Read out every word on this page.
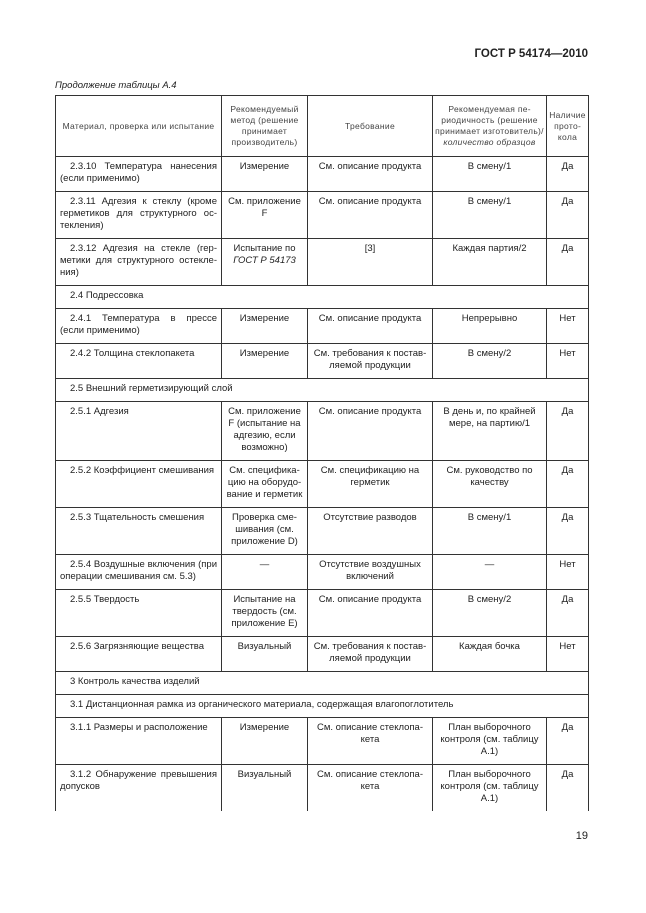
ГОСТ Р 54174—2010
Продолжение таблицы А.4
Материал, проверка или испытание	Рекомендуемый метод (решение принимает производитель)	Требование	Рекомендуемая периодичность (решение принимает изготовитель)/количество образцов	Наличие протокола
2.3.10 Температура нанесения (если применимо)	Измерение	См. описание продукта	В смену/1	Да
2.3.11 Адгезия к стеклу (кроме герметиков для структурного остекления)	См. приложение F	См. описание продукта	В смену/1	Да
2.3.12 Адгезия на стекле (герметики для структурного остекления)	Испытание по ГОСТ Р 54173	[3]	Каждая партия/2	Да
2.4 Подрессовка				
2.4.1 Температура в прессе (если применимо)	Измерение	См. описание продукта	Непрерывно	Нет
2.4.2 Толщина стеклопакета	Измерение	См. требования к поставляемой продукции	В смену/2	Нет
2.5 Внешний герметизирующий слой				
2.5.1 Адгезия	См. приложение F (испытание на адгезию, если возможно)	См. описание продукта	В день и, по крайней мере, на партию/1	Да
2.5.2 Коэффициент смешивания	См. спецификацию на оборудование и герметик	См. спецификацию на герметик	См. руководство по качеству	Да
2.5.3 Тщательность смешения	Проверка смешивания (см. приложение D)	Отсутствие разводов	В смену/1	Да
2.5.4 Воздушные включения (при операции смешивания см. 5.3)	—	Отсутствие воздушных включений	—	Нет
2.5.5 Твердость	Испытание на твердость (см. приложение E)	См. описание продукта	В смену/2	Да
2.5.6 Загрязняющие вещества	Визуальный	См. требования к поставляемой продукции	Каждая бочка	Нет
3 Контроль качества изделий				
3.1 Дистанционная рамка из органического материала, содержащая влагопоглотитель				
3.1.1 Размеры и расположение	Измерение	См. описание стеклопакета	План выборочного контроля (см. таблицу А.1)	Да
3.1.2 Обнаружение превышения допусков	Визуальный	См. описание стеклопакета	План выборочного контроля (см. таблицу А.1)	Да
19
